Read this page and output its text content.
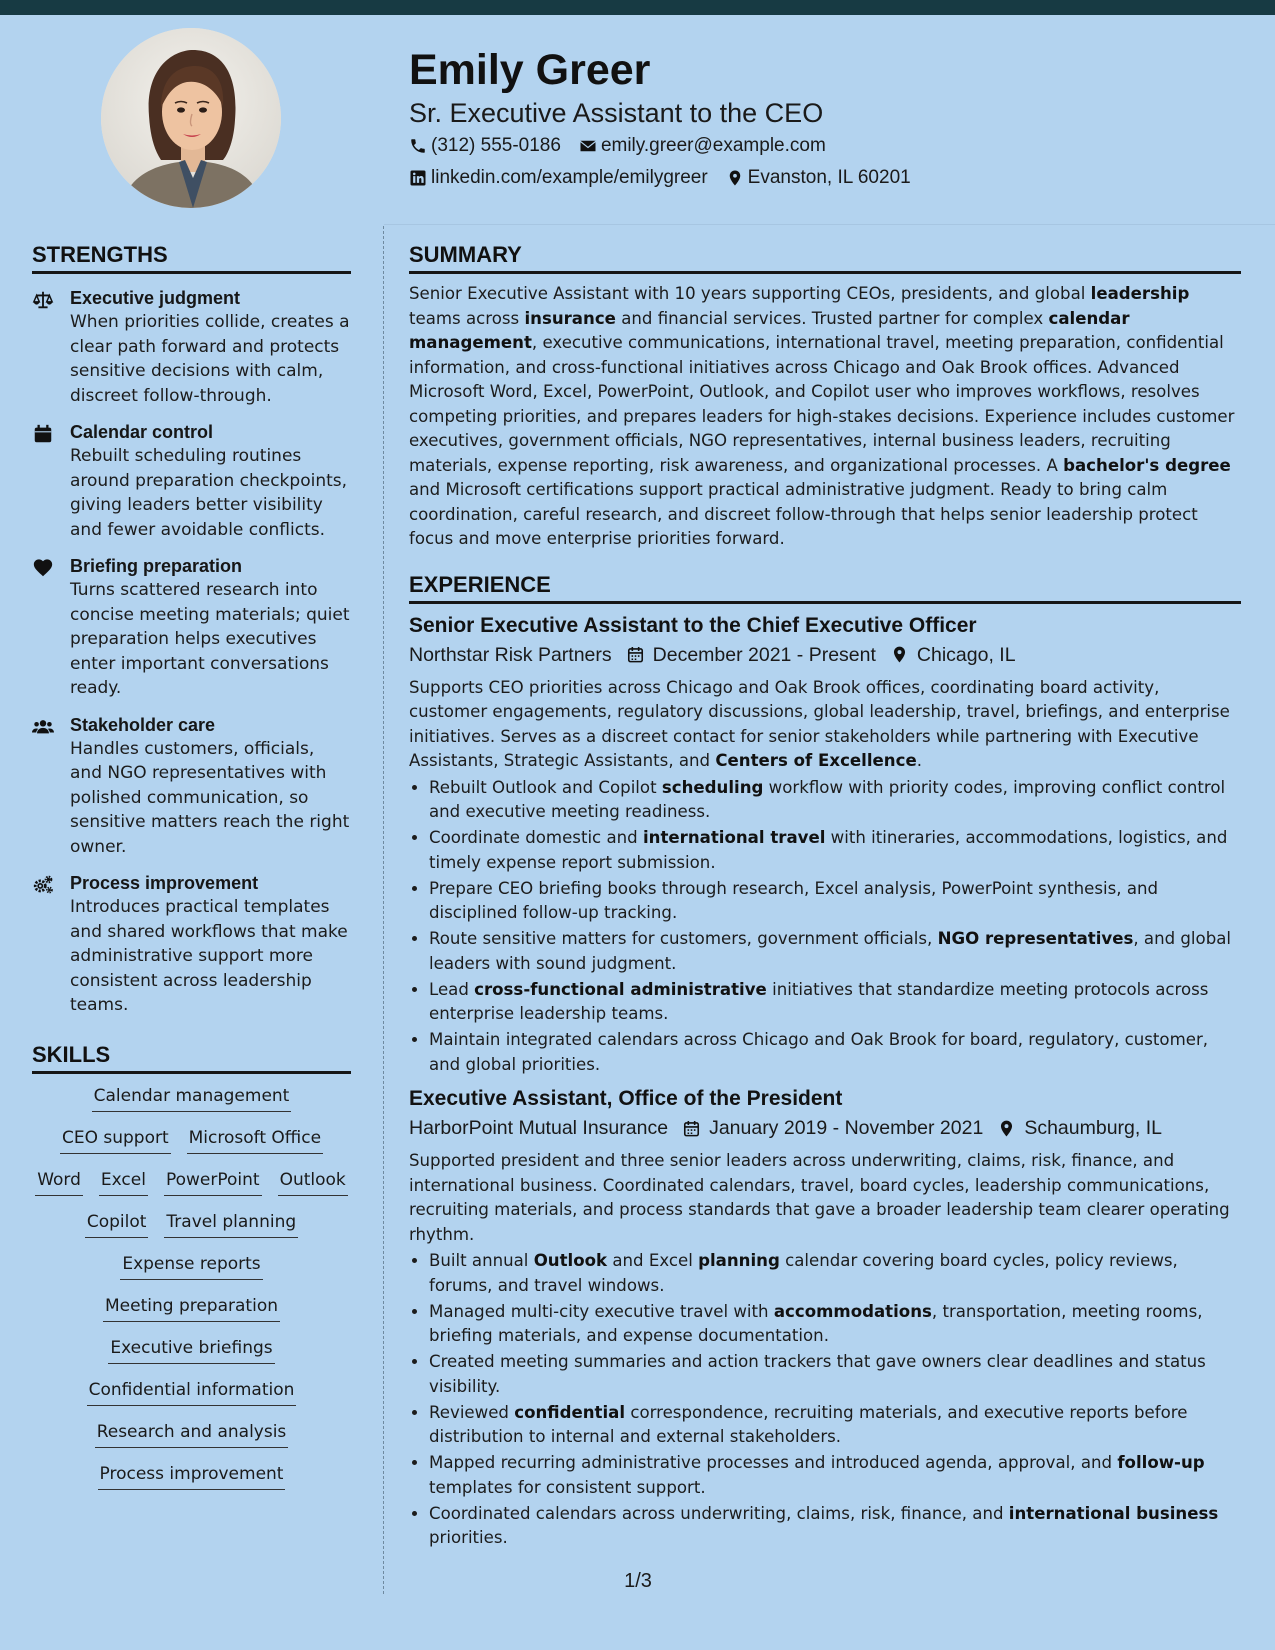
Emily Greer
Sr. Executive Assistant to the CEO
(312) 555-0186 emily.greer@example.com
linkedin.com/example/emilygreer Evanston, IL 60201
STRENGTHS
Executive judgment
When priorities collide, creates a clear path forward and protects sensitive decisions with calm, discreet follow-through.
Calendar control
Rebuilt scheduling routines around preparation checkpoints, giving leaders better visibility and fewer avoidable conflicts.
Briefing preparation
Turns scattered research into concise meeting materials; quiet preparation helps executives enter important conversations ready.
Stakeholder care
Handles customers, officials, and NGO representatives with polished communication, so sensitive matters reach the right owner.
Process improvement
Introduces practical templates and shared workflows that make administrative support more consistent across leadership teams.
SKILLS
Calendar management
CEO support Microsoft Office
Word Excel PowerPoint Outlook
Copilot Travel planning
Expense reports
Meeting preparation
Executive briefings
Confidential information
Research and analysis
Process improvement
SUMMARY
Senior Executive Assistant with 10 years supporting CEOs, presidents, and global leadership teams across insurance and financial services. Trusted partner for complex calendar management, executive communications, international travel, meeting preparation, confidential information, and cross-functional initiatives across Chicago and Oak Brook offices. Advanced Microsoft Word, Excel, PowerPoint, Outlook, and Copilot user who improves workflows, resolves competing priorities, and prepares leaders for high-stakes decisions. Experience includes customer executives, government officials, NGO representatives, internal business leaders, recruiting materials, expense reporting, risk awareness, and organizational processes. A bachelor's degree and Microsoft certifications support practical administrative judgment. Ready to bring calm coordination, careful research, and discreet follow-through that helps senior leadership protect focus and move enterprise priorities forward.
EXPERIENCE
Senior Executive Assistant to the Chief Executive Officer
Northstar Risk Partners December 2021 - Present Chicago, IL
Supports CEO priorities across Chicago and Oak Brook offices, coordinating board activity, customer engagements, regulatory discussions, global leadership, travel, briefings, and enterprise initiatives. Serves as a discreet contact for senior stakeholders while partnering with Executive Assistants, Strategic Assistants, and Centers of Excellence.
• Rebuilt Outlook and Copilot scheduling workflow with priority codes, improving conflict control and executive meeting readiness.
• Coordinate domestic and international travel with itineraries, accommodations, logistics, and timely expense report submission.
• Prepare CEO briefing books through research, Excel analysis, PowerPoint synthesis, and disciplined follow-up tracking.
• Route sensitive matters for customers, government officials, NGO representatives, and global leaders with sound judgment.
• Lead cross-functional administrative initiatives that standardize meeting protocols across enterprise leadership teams.
• Maintain integrated calendars across Chicago and Oak Brook for board, regulatory, customer, and global priorities.
Executive Assistant, Office of the President
HarborPoint Mutual Insurance January 2019 - November 2021 Schaumburg, IL
Supported president and three senior leaders across underwriting, claims, risk, finance, and international business. Coordinated calendars, travel, board cycles, leadership communications, recruiting materials, and process standards that gave a broader leadership team clearer operating rhythm.
• Built annual Outlook and Excel planning calendar covering board cycles, policy reviews, forums, and travel windows.
• Managed multi-city executive travel with accommodations, transportation, meeting rooms, briefing materials, and expense documentation.
• Created meeting summaries and action trackers that gave owners clear deadlines and status visibility.
• Reviewed confidential correspondence, recruiting materials, and executive reports before distribution to internal and external stakeholders.
• Mapped recurring administrative processes and introduced agenda, approval, and follow-up templates for consistent support.
• Coordinated calendars across underwriting, claims, risk, finance, and international business priorities.
1/3
